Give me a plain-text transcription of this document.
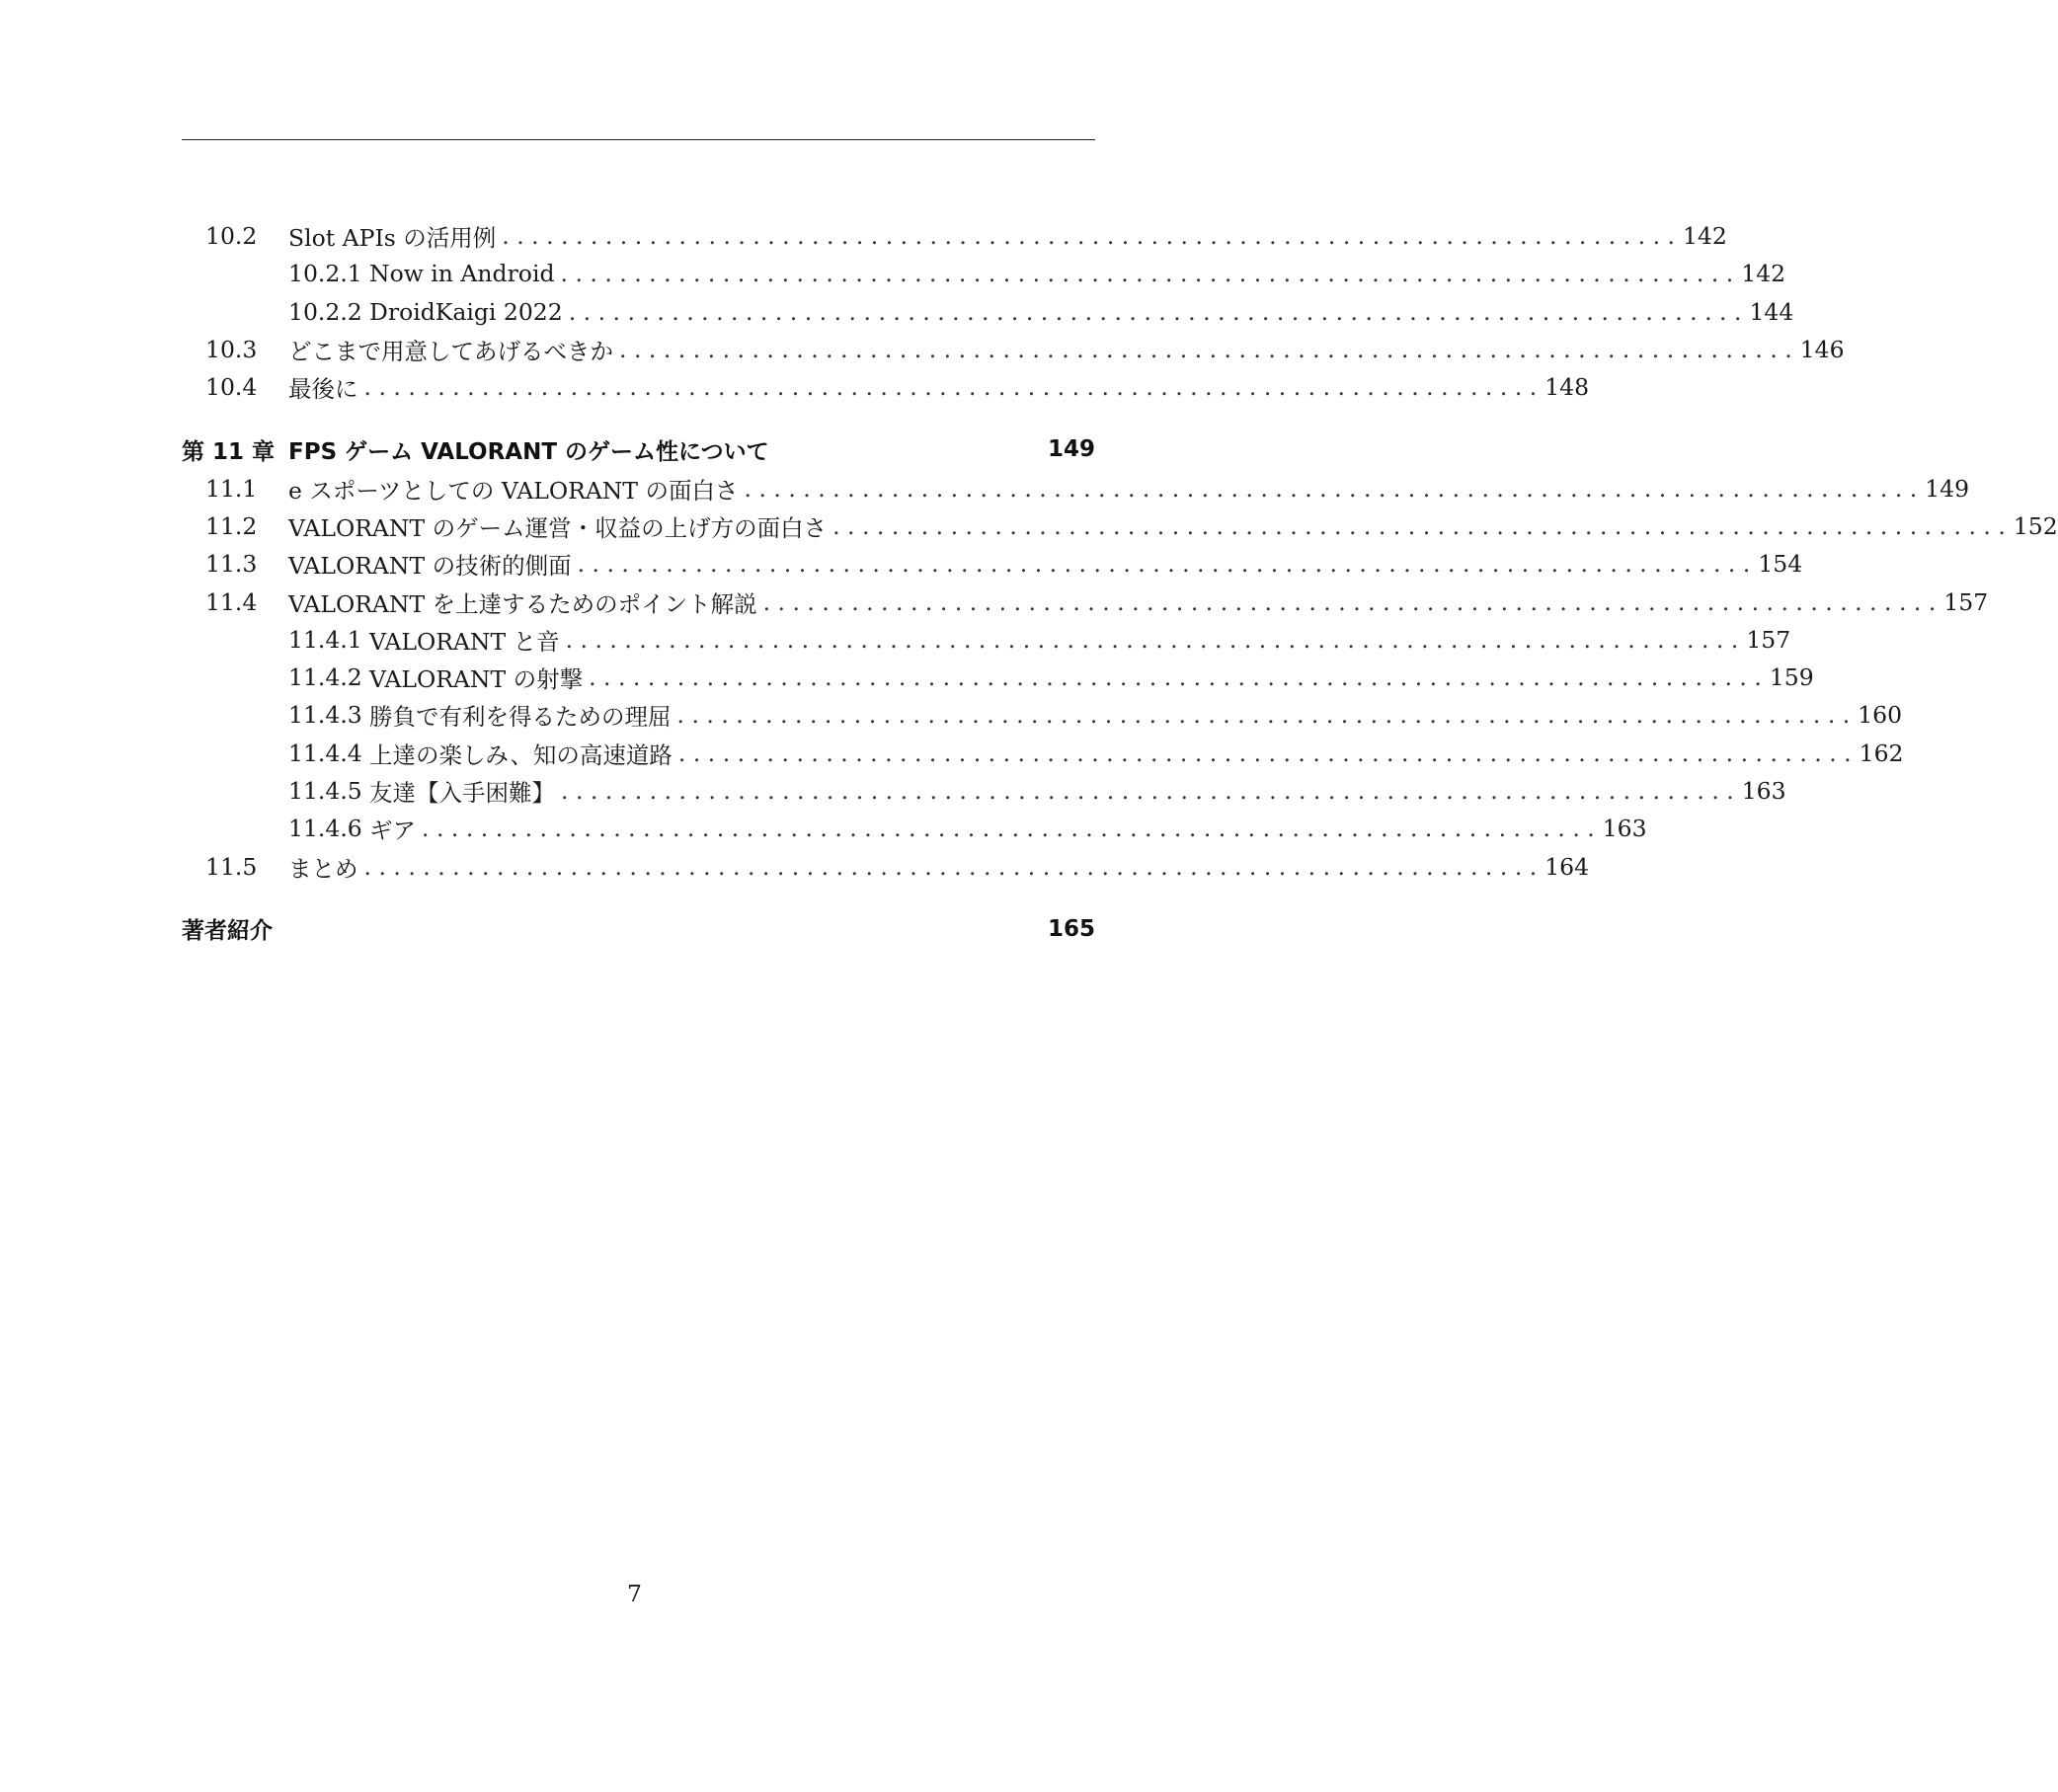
10.2 Slot APIs の活用例 . . . . . . . . . . . . . . . . . . . . . . . . . . . . . . . . . . . . . . . . . . . . . . . . . . . . . . . . . . . . . . . . . . . . . . . . . . . . . . . . 142
10.2.1 Now in Android . . . . . . . . . . . . . . . . . . . . . . . . . . . . . . . . . . . . . . . . . . . . . . . . . . . . . . . . . . . . . . . . . . . . . . . . . . . . . . . . 142
10.2.2 DroidKaigi 2022 . . . . . . . . . . . . . . . . . . . . . . . . . . . . . . . . . . . . . . . . . . . . . . . . . . . . . . . . . . . . . . . . . . . . . . . . . . . . . . . . 144
10.3 どこまで用意してあげるべきか . . . . . . . . . . . . . . . . . . . . . . . . . . . . . . . . . . . . . . . . . . . . . . . . . . . . . . . . . . . . . . . . . . . . . . . . . . . . . . . . 146
10.4 最後に . . . . . . . . . . . . . . . . . . . . . . . . . . . . . . . . . . . . . . . . . . . . . . . . . . . . . . . . . . . . . . . . . . . . . . . . . . . . . . . . 148
第 11 章 FPS ゲーム VALORANT のゲーム性について	149
11.1 e スポーツとしての VALORANT の面白さ . . . . . . . . . . . . . . . . . . . . . . . . . . . . . . . . . . . . . . . . . . . . . . . . . . . . . . . . . . . . . . . . . . . . . . . . . . . . . . . . 149
11.2 VALORANT のゲーム運営・収益の上げ方の面白さ . . . . . . . . . . . . . . . . . . . . . . . . . . . . . . . . . . . . . . . . . . . . . . . . . . . . . . . . . . . . . . . . . . . . . . . . . . . . . . . . 152
11.3 VALORANT の技術的側面 . . . . . . . . . . . . . . . . . . . . . . . . . . . . . . . . . . . . . . . . . . . . . . . . . . . . . . . . . . . . . . . . . . . . . . . . . . . . . . . . 154
11.4 VALORANT を上達するためのポイント解説 . . . . . . . . . . . . . . . . . . . . . . . . . . . . . . . . . . . . . . . . . . . . . . . . . . . . . . . . . . . . . . . . . . . . . . . . . . . . . . . . 157
11.4.1 VALORANT と音 . . . . . . . . . . . . . . . . . . . . . . . . . . . . . . . . . . . . . . . . . . . . . . . . . . . . . . . . . . . . . . . . . . . . . . . . . . . . . . . . 157
11.4.2 VALORANT の射撃 . . . . . . . . . . . . . . . . . . . . . . . . . . . . . . . . . . . . . . . . . . . . . . . . . . . . . . . . . . . . . . . . . . . . . . . . . . . . . . . . 159
11.4.3 勝負で有利を得るための理屈 . . . . . . . . . . . . . . . . . . . . . . . . . . . . . . . . . . . . . . . . . . . . . . . . . . . . . . . . . . . . . . . . . . . . . . . . . . . . . . . . 160
11.4.4 上達の楽しみ、知の高速道路 . . . . . . . . . . . . . . . . . . . . . . . . . . . . . . . . . . . . . . . . . . . . . . . . . . . . . . . . . . . . . . . . . . . . . . . . . . . . . . . . 162
11.4.5 友達【入手困難】 . . . . . . . . . . . . . . . . . . . . . . . . . . . . . . . . . . . . . . . . . . . . . . . . . . . . . . . . . . . . . . . . . . . . . . . . . . . . . . . . 163
11.4.6 ギア . . . . . . . . . . . . . . . . . . . . . . . . . . . . . . . . . . . . . . . . . . . . . . . . . . . . . . . . . . . . . . . . . . . . . . . . . . . . . . . . 163
11.5 まとめ . . . . . . . . . . . . . . . . . . . . . . . . . . . . . . . . . . . . . . . . . . . . . . . . . . . . . . . . . . . . . . . . . . . . . . . . . . . . . . . . 164
著者紹介	165
7
